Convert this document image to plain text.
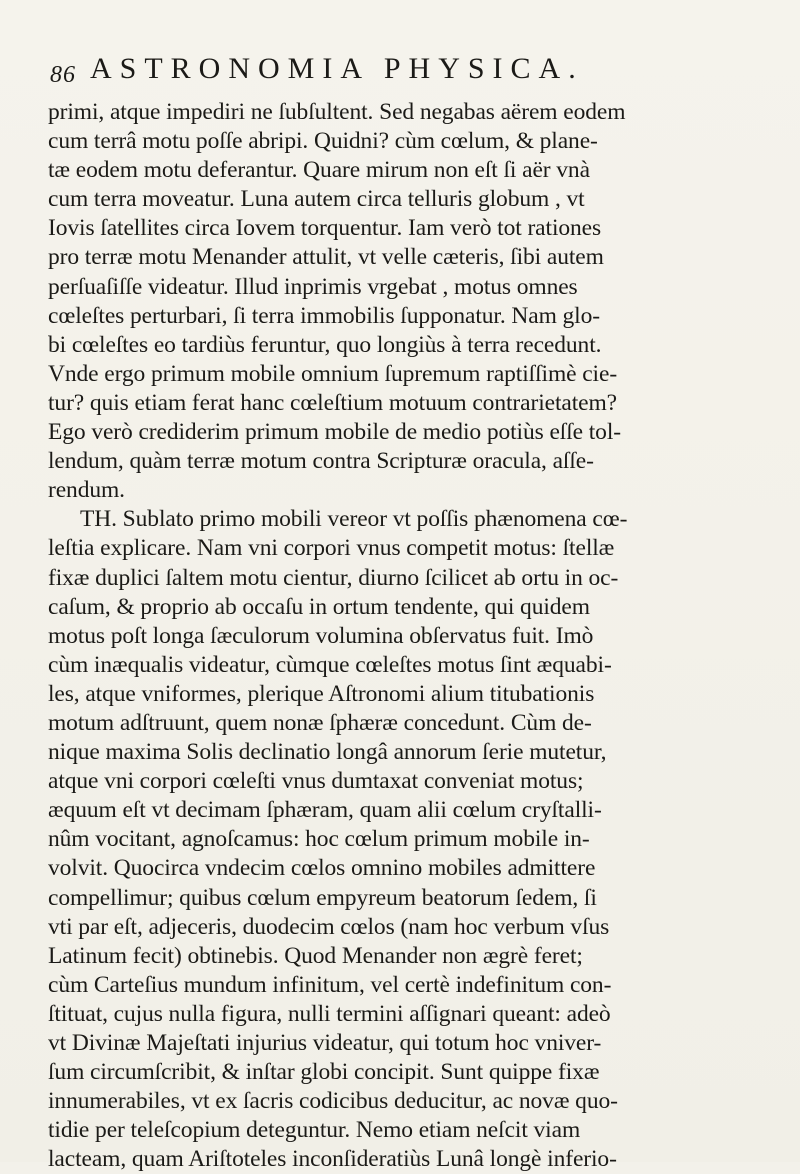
86 ASTRONOMIA PHYSICA.
primi, atque impediri ne ſubſultent. Sed negabas aërem eodem
cum terrâ motu poſſe abripi. Quidni? cùm cœlum, & plane-
tæ eodem motu deferantur. Quare mirum non eſt ſi aër vnà
cum terra moveatur. Luna autem circa telluris globum , vt
Iovis ſatellites circa Iovem torquentur. Iam verò tot rationes
pro terræ motu Menander attulit, vt velle cæteris, ſibi autem
perſuaſiſſe videatur. Illud inprimis vrgebat , motus omnes
cœleſtes perturbari, ſi terra immobilis ſupponatur. Nam glo-
bi cœleſtes eo tardiùs feruntur, quo longiùs à terra recedunt.
Vnde ergo primum mobile omnium ſupremum raptiſſimè cie-
tur? quis etiam ferat hanc cœleſtium motuum contrarietatem?
Ego verò crediderim primum mobile de medio potiùs eſſe tol-
lendum, quàm terræ motum contra Scripturæ oracula, aſſe-
rendum.
TH. Sublato primo mobili vereor vt poſſis phænomena cœ-
leſtia explicare. Nam vni corpori vnus competit motus: ſtellæ
fixæ duplici ſaltem motu cientur, diurno ſcilicet ab ortu in oc-
caſum, & proprio ab occaſu in ortum tendente, qui quidem
motus poſt longa ſæculorum volumina obſervatus fuit. Imò
cùm inæqualis videatur, cùmque cœleſtes motus ſint æquabi-
les, atque vniformes, plerique Aſtronomi alium titubationis
motum adſtruunt, quem nonæ ſphæræ concedunt. Cùm de-
nique maxima Solis declinatio longâ annorum ſerie mutetur,
atque vni corpori cœleſti vnus dumtaxat conveniat motus;
æquum eſt vt decimam ſphæram, quam alii cœlum cryſtalli-
nûm vocitant, agnoſcamus: hoc cœlum primum mobile in-
volvit. Quocirca vndecim cœlos omnino mobiles admittere
compellimur; quibus cœlum empyreum beatorum ſedem, ſi
vti par eſt, adjeceris, duodecim cœlos (nam hoc verbum vſus
Latinum fecit) obtinebis. Quod Menander non ægrè feret;
cùm Carteſius mundum infinitum, vel certè indefinitum con-
ſtituat, cujus nulla figura, nulli termini aſſignari queant: adeò
vt Divinæ Majeſtati injurius videatur, qui totum hoc vniver-
ſum circumſcribit, & inſtar globi concipit. Sunt quippe fixæ
innumerabiles, vt ex ſacris codicibus deducitur, ac novæ quo-
tidie per teleſcopium deteguntur. Nemo etiam neſcit viam
lacteam, quam Ariſtoteles inconſideratiùs Lunâ longè inferio-
